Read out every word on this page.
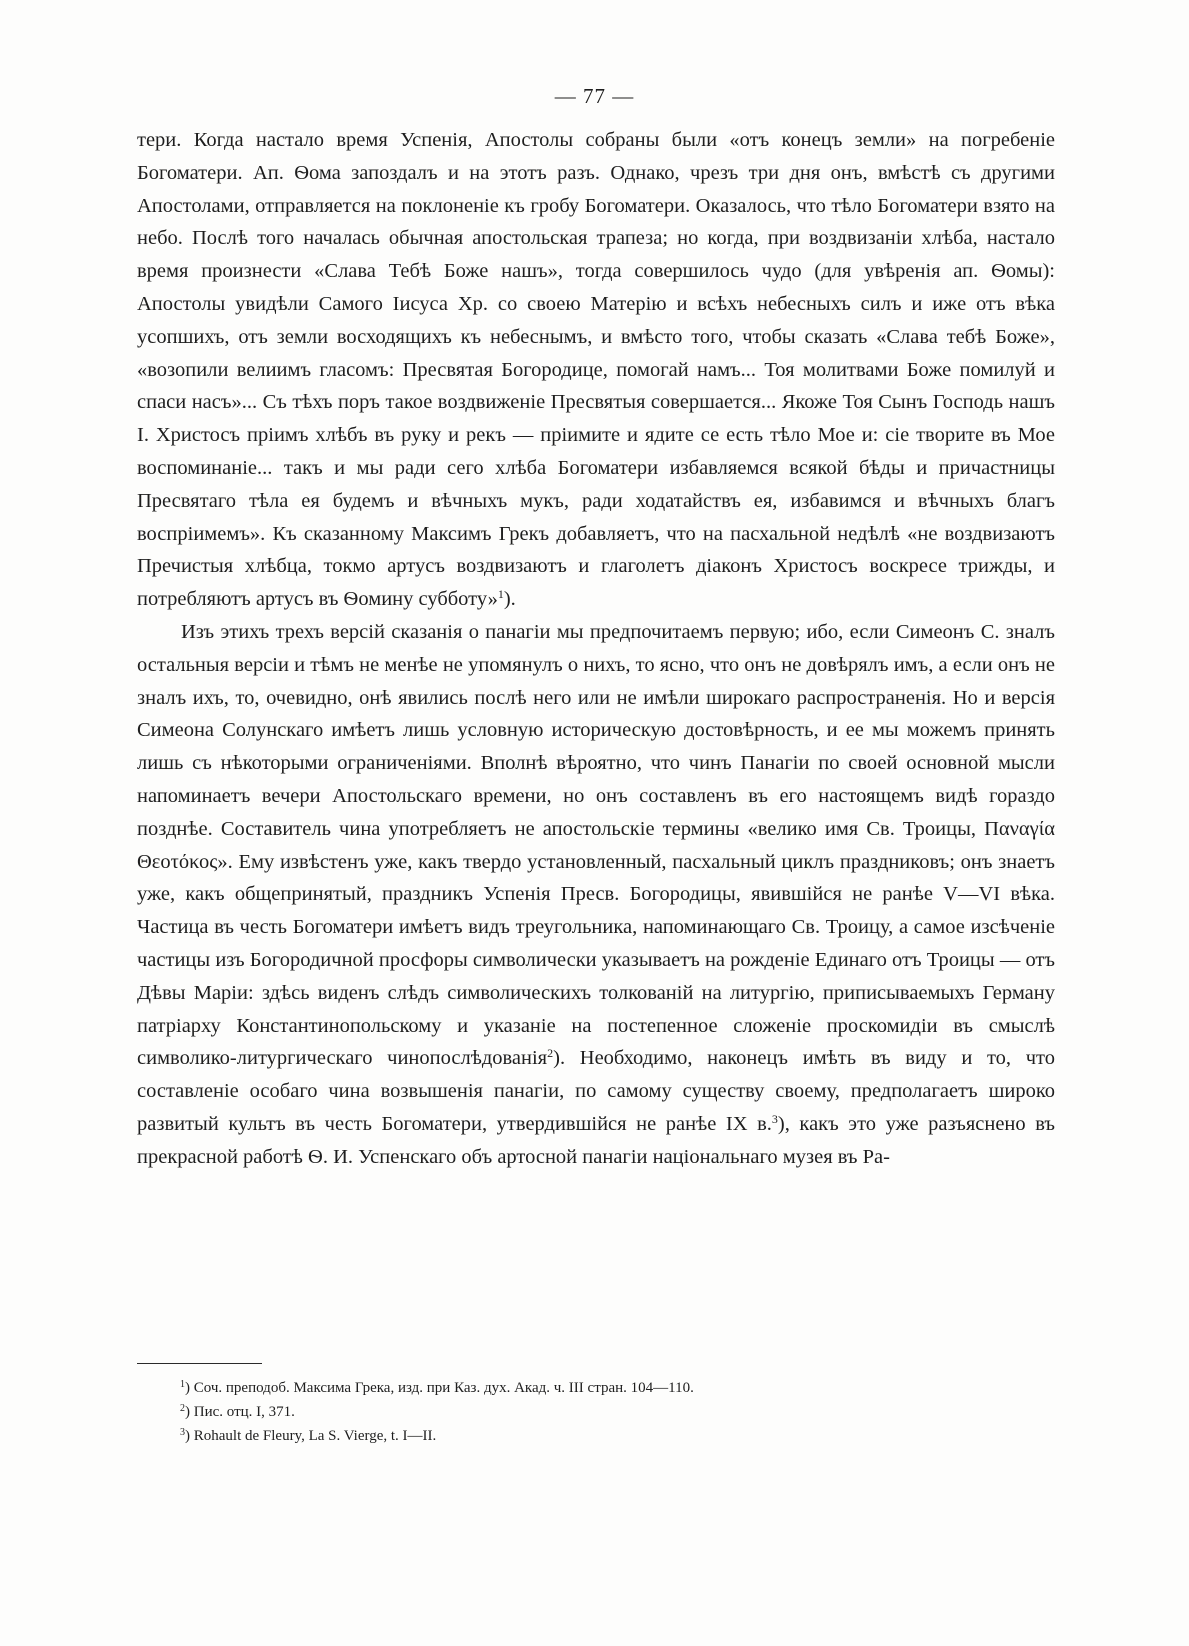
— 77 —

тери. Когда настало время Успенія, Апостолы собраны были «отъ конецъ земли» на погребеніе Богоматери. Ап. Ѳома запоздалъ и на этотъ разъ. Однако, чрезъ три дня онъ, вмѣстѣ съ другими Апостолами, отправляется на поклоненіе къ гробу Богоматери. Оказалось, что тѣло Богоматери взято на небо. Послѣ того началась обычная апостольская трапеза; но когда, при воздвизаніи хлѣба, настало время произнести «Слава Тебѣ Боже нашъ», тогда совершилось чудо (для увѣренія ап. Ѳомы): Апостолы увидѣли Самого Іисуса Хр. со своею Матерію и всѣхъ небесныхъ силъ и иже отъ вѣка усопшихъ, отъ земли восходящихъ къ небеснымъ, и вмѣсто того, чтобы сказать «Слава тебѣ Боже», «возопили велиимъ гласомъ: Пресвятая Богородице, помогай намъ... Тоя молитвами Боже помилуй и спаси насъ»... Съ тѣхъ поръ такое воздвиженіе Пресвятыя совершается... Якоже Тоя Сынъ Господь нашъ І. Христосъ пріимъ хлѣбъ въ руку и рекъ — пріимите и ядите се есть тѣло Мое и: сіе творите въ Мое воспоминаніе... такъ и мы ради сего хлѣба Богоматери избавляемся всякой бѣды и причастницы Пресвятаго тѣла ея будемъ и вѣчныхъ мукъ, ради ходатайствъ ея, избавимся и вѣчныхъ благъ воспріимемъ». Къ сказанному Максимъ Грекъ добавляетъ, что на пасхальной недѣлѣ «не воздвизаютъ Пречистыя хлѣбца, токмо артусъ воздвизаютъ и глаголетъ діаконъ Христосъ воскресе трижды, и потребляютъ артусъ въ Ѳомину субботу»$^1$).

Изъ этихъ трехъ версій сказанія о панагіи мы предпочитаемъ первую; ибо, если Симеонъ С. зналъ остальныя версіи и тѣмъ не менѣе не упомянулъ о нихъ, то ясно, что онъ не довѣрялъ имъ, а если онъ не зналъ ихъ, то, очевидно, онѣ явились послѣ него или не имѣли широкаго распространенія. Но и версія Симеона Солунскаго имѣетъ лишь условную историческую достовѣрность, и ее мы можемъ принять лишь съ нѣкоторыми ограниченіями. Вполнѣ вѣроятно, что чинъ Панагіи по своей основной мысли напоминаетъ вечери Апостольскаго времени, но онъ составленъ въ его настоящемъ видѣ гораздо позднѣе. Составитель чина употребляетъ не апостольскіе термины «велико имя Св. Троицы, Παναγία Θεοτόκος». Ему извѣстенъ уже, какъ твердо установленный, пасхальный циклъ праздниковъ; онъ знаетъ уже, какъ общепринятый, праздникъ Успенія Пресв. Богородицы, явившійся не ранѣе V—VI вѣка. Частица въ честь Богоматери имѣетъ видъ треугольника, напоминающаго Св. Троицу, а самое изсѣченіе частицы изъ Богородичной просфоры символически указываетъ на рожденіе Единаго отъ Троицы — отъ Дѣвы Маріи: здѣсь виденъ слѣдъ символическихъ толкованій на литургію, приписываемыхъ Герману патріарху Константинопольскому и указаніе на постепенное сложеніе проскомидіи въ смыслѣ символико-литургическаго чинопослѣдованія$^2$). Необходимо, наконецъ имѣть въ виду и то, что составленіе особаго чина возвышенія панагіи, по самому существу своему, предполагаетъ широко развитый культъ въ честь Богоматери, утвердившійся не ранѣе IX в.$^3$), какъ это уже разъяснено въ прекрасной работѣ Ѳ. И. Успенскаго объ артосной панагіи національнаго музея въ Ра-

$^1$) Соч. преподоб. Максима Грека, изд. при Каз. дух. Акад. ч. III стран. 104—110.

$^2$) Пис. отц. I, 371.

$^3$) Rohault de Fleury, La S. Vierge, t. I—II.
